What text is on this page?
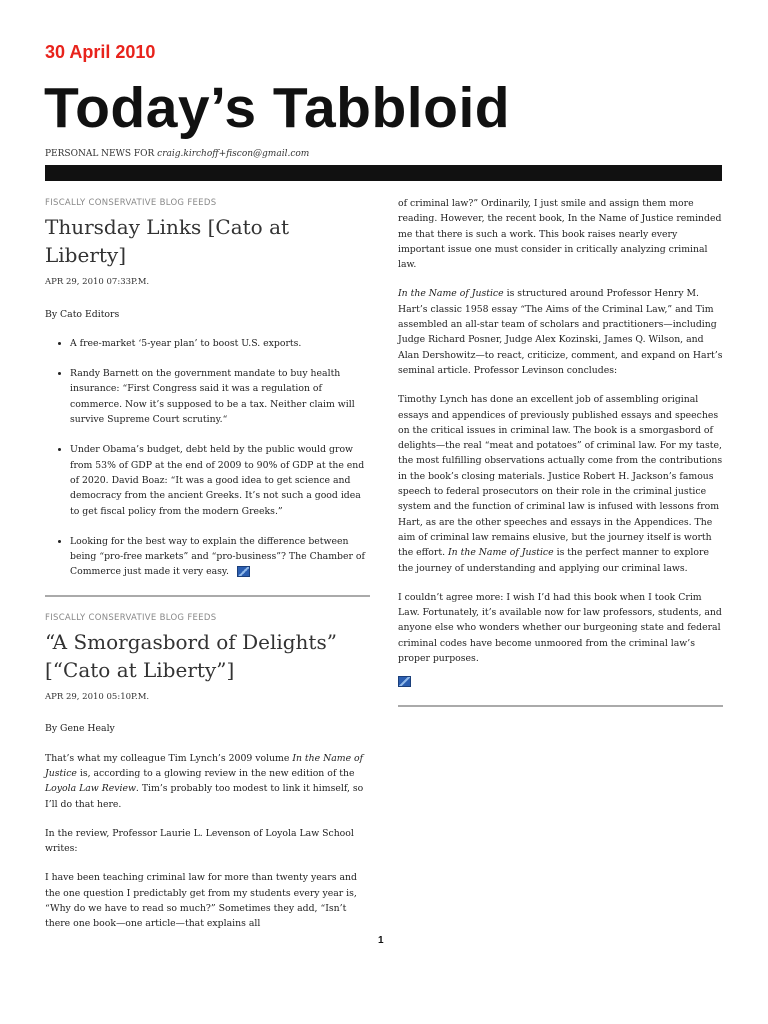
30 April 2010
Today’s Tabbloid
PERSONAL NEWS FOR craig.kirchoff+fiscon@gmail.com
FISCALLY CONSERVATIVE BLOG FEEDS
Thursday Links [Cato at Liberty]
APR 29, 2010 07:33P.M.

By Cato Editors

• A free-market ‘5-year plan’ to boost U.S. exports.
• Randy Barnett on the government mandate to buy health insurance: “First Congress said it was a regulation of commerce. Now it’s supposed to be a tax. Neither claim will survive Supreme Court scrutiny.“
• Under Obama’s budget, debt held by the public would grow from 53% of GDP at the end of 2009 to 90% of GDP at the end of 2020. David Boaz: “It was a good idea to get science and democracy from the ancient Greeks. It’s not such a good idea to get fiscal policy from the modern Greeks.”
• Looking for the best way to explain the difference between being “pro-free markets” and “pro-business”? The Chamber of Commerce just made it very easy.
FISCALLY CONSERVATIVE BLOG FEEDS
“A Smorgasbord of Delights” [“Cato at Liberty”]
APR 29, 2010 05:10P.M.

By Gene Healy

That’s what my colleague Tim Lynch’s 2009 volume In the Name of Justice is, according to a glowing review in the new edition of the Loyola Law Review. Tim’s probably too modest to link it himself, so I’ll do that here.

In the review, Professor Laurie L. Levenson of Loyola Law School writes:

I have been teaching criminal law for more than twenty years and the one question I predictably get from my students every year is, “Why do we have to read so much?” Sometimes they add, “Isn’t there one book—one article—that explains all

of criminal law?” Ordinarily, I just smile and assign them more reading. However, the recent book, In the Name of Justice reminded me that there is such a work. This book raises nearly every important issue one must consider in critically analyzing criminal law.

In the Name of Justice is structured around Professor Henry M. Hart’s classic 1958 essay “The Aims of the Criminal Law,” and Tim assembled an all-star team of scholars and practitioners—including Judge Richard Posner, Judge Alex Kozinski, James Q. Wilson, and Alan Dershowitz—to react, criticize, comment, and expand on Hart’s seminal article. Professor Levinson concludes:

Timothy Lynch has done an excellent job of assembling original essays and appendices of previously published essays and speeches on the critical issues in criminal law. The book is a smorgasbord of delights—the real “meat and potatoes” of criminal law. For my taste, the most fulfilling observations actually come from the contributions in the book’s closing materials. Justice Robert H. Jackson’s famous speech to federal prosecutors on their role in the criminal justice system and the function of criminal law is infused with lessons from Hart, as are the other speeches and essays in the Appendices. The aim of criminal law remains elusive, but the journey itself is worth the effort. In the Name of Justice is the perfect manner to explore the journey of understanding and applying our criminal laws.

I couldn’t agree more: I wish I’d had this book when I took Crim Law. Fortunately, it’s available now for law professors, students, and anyone else who wonders whether our burgeoning state and federal criminal codes have become unmoored from the criminal law’s proper purposes.

1
